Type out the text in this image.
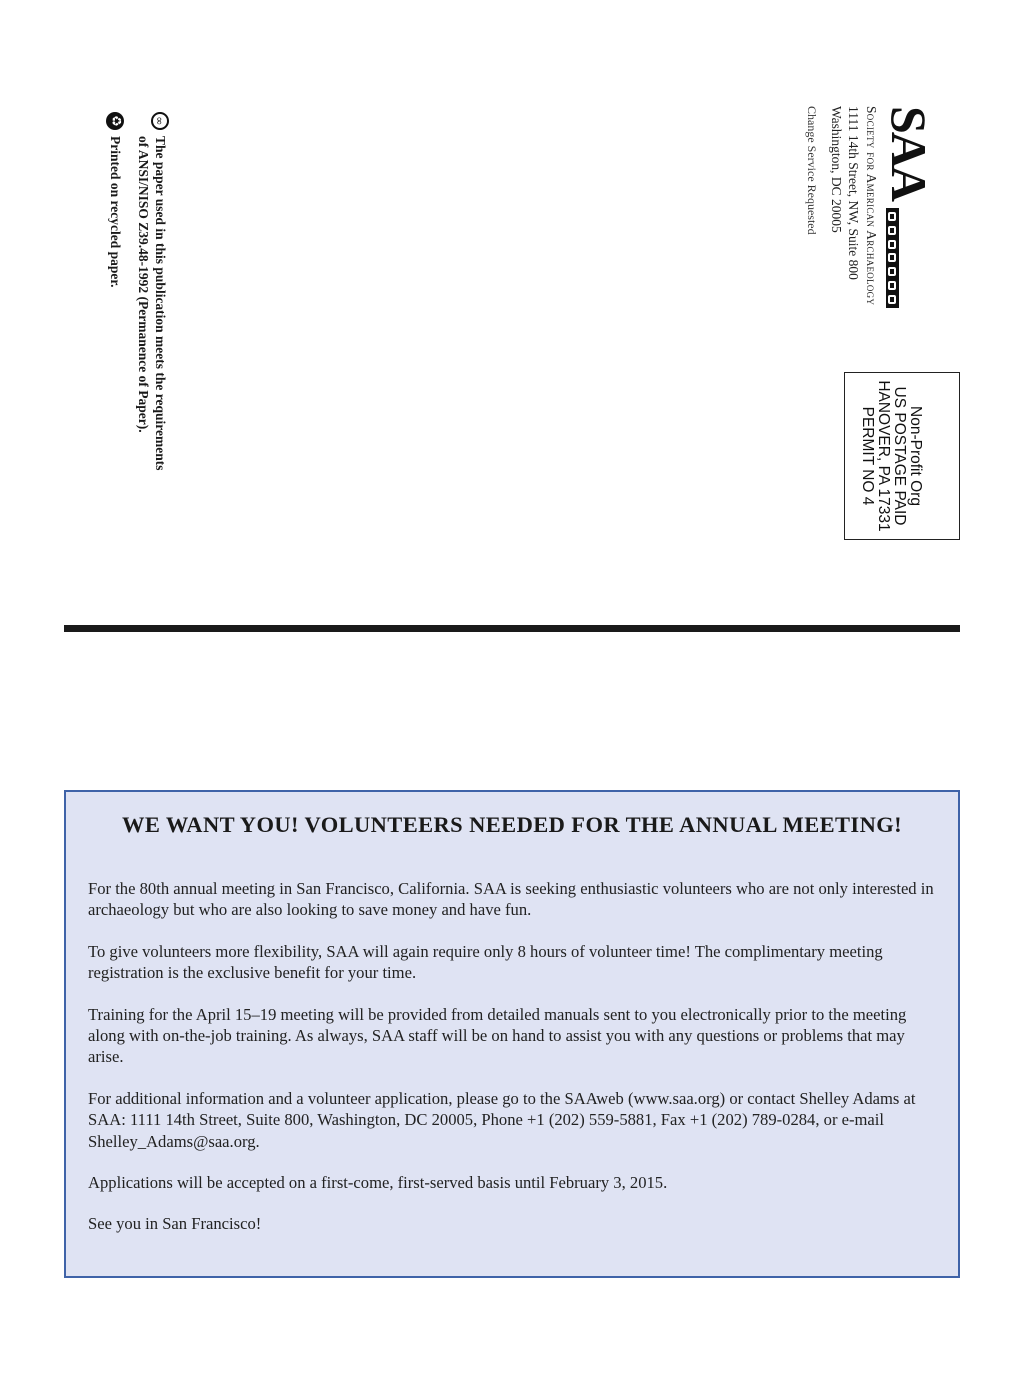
SAA
Society for American Archaeology
1111 14th Street, NW, Suite 800
Washington, DC 20005
Change Service Requested
Non-Profit Org
US POSTAGE PAID
HANOVER, PA 17331
PERMIT NO 4
∞
The paper used in this publication meets the requirements
of ANSI/NISO Z39.48-1992 (Permanence of Paper).
♻
Printed on recycled paper.
WE WANT YOU! VOLUNTEERS NEEDED FOR THE ANNUAL MEETING!

For the 80th annual meeting in San Francisco, California. SAA is seeking enthusiastic volunteers who are not only interested in archaeology but who are also looking to save money and have fun.

To give volunteers more flexibility, SAA will again require only 8 hours of volunteer time! The complimentary meeting registration is the exclusive benefit for your time.

Training for the April 15–19 meeting will be provided from detailed manuals sent to you electronically prior to the meeting along with on-the-job training. As always, SAA staff will be on hand to assist you with any questions or problems that may arise.

For additional information and a volunteer application, please go to the SAAweb (www.saa.org) or contact Shelley Adams at SAA: 1111 14th Street, Suite 800, Washington, DC 20005, Phone +1 (202) 559-5881, Fax +1 (202) 789-0284, or e-mail Shelley_Adams@saa.org.

Applications will be accepted on a first-come, first-served basis until February 3, 2015.

See you in San Francisco!
